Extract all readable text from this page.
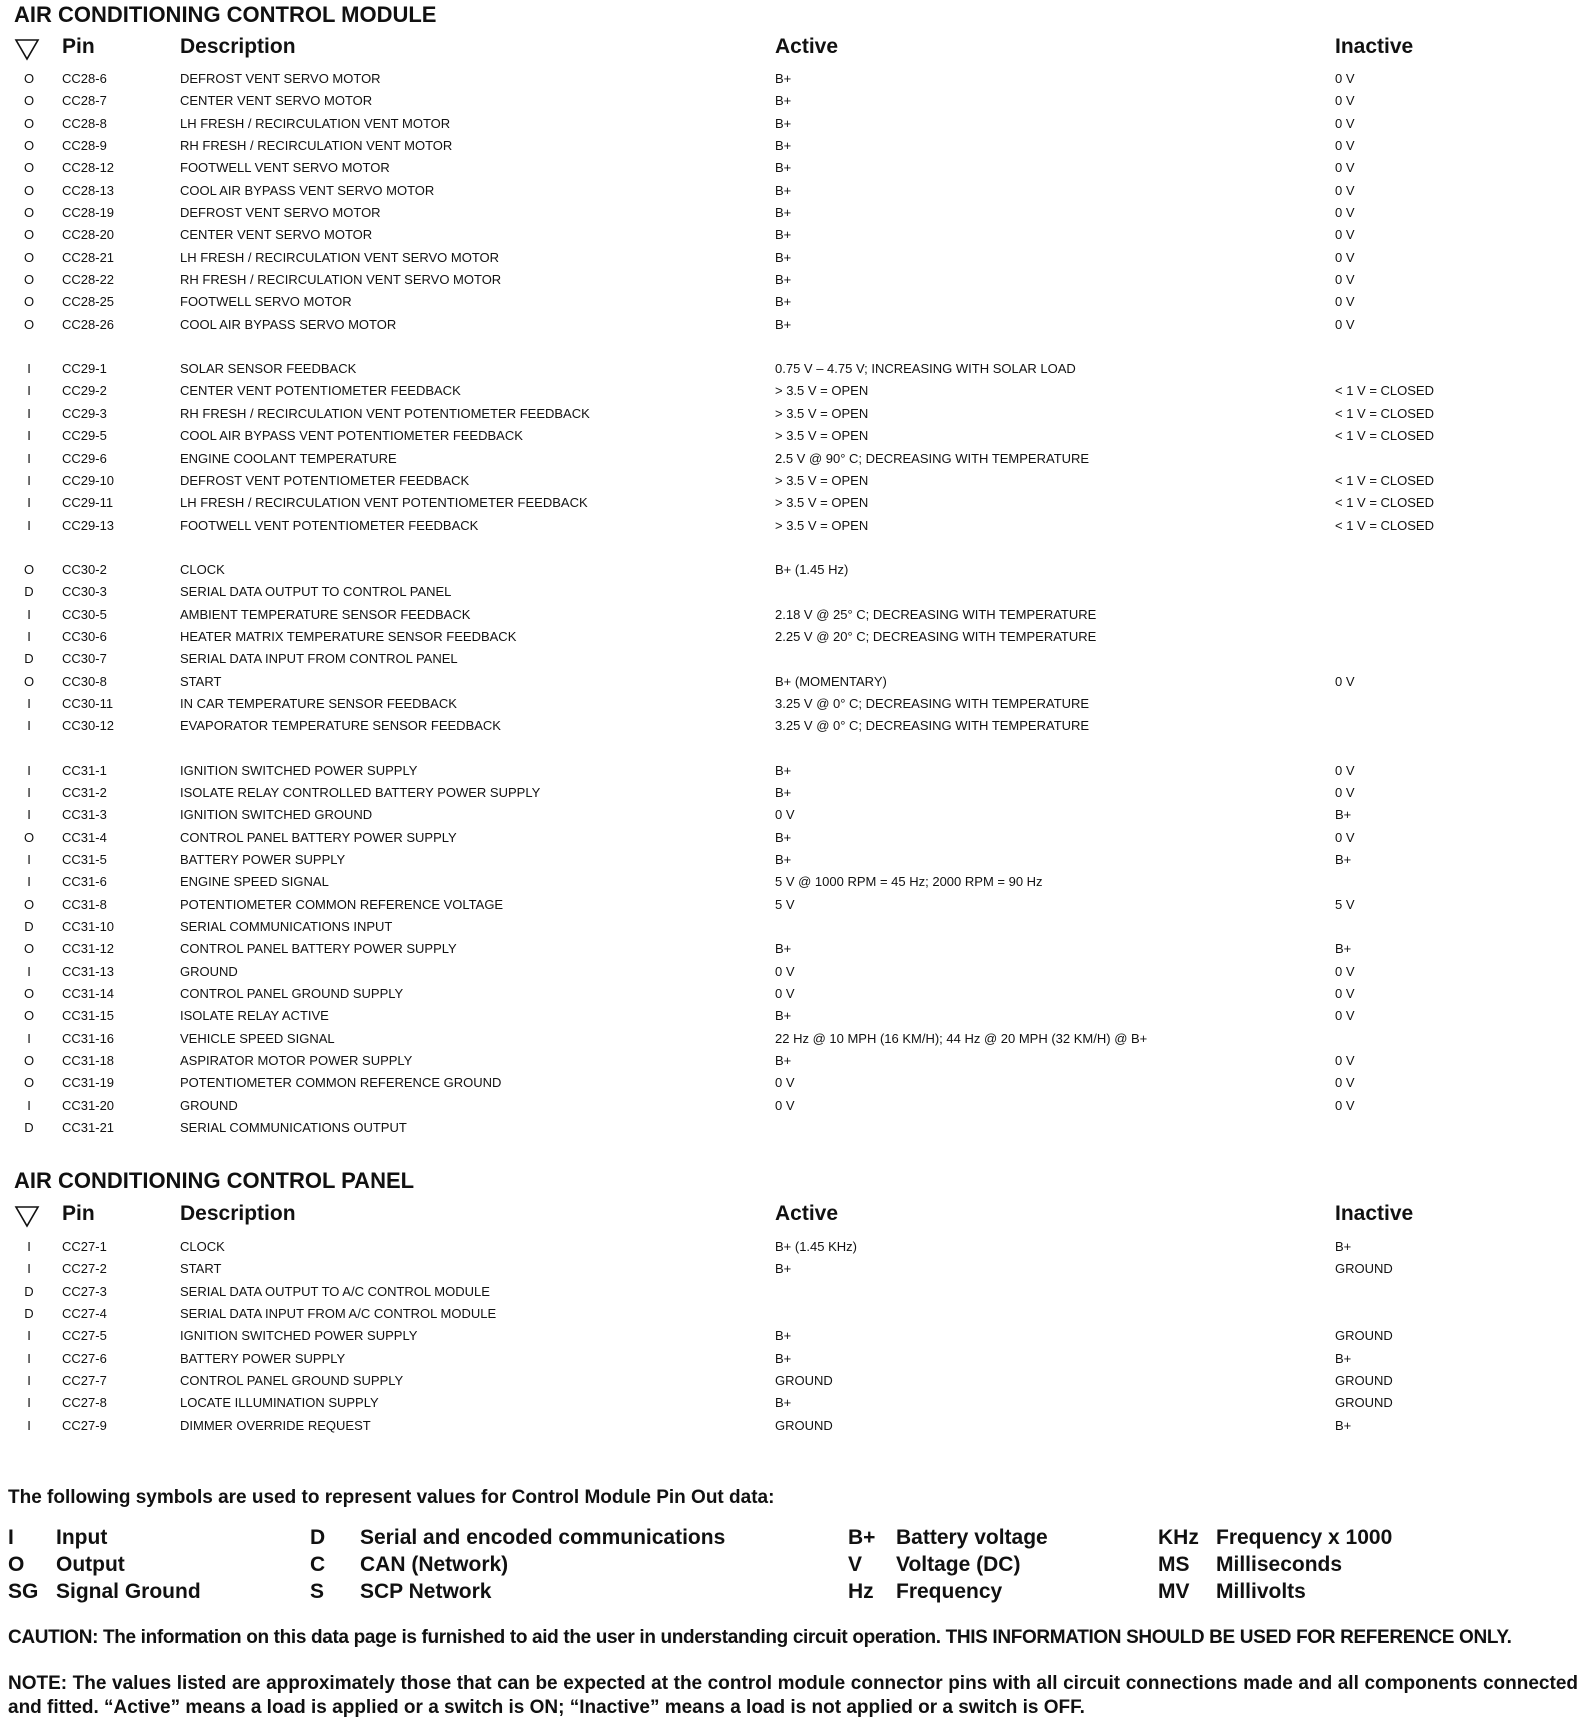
AIR CONDITIONING CONTROL MODULE
Pin	Description	Active	Inactive
O CC28-6	DEFROST VENT SERVO MOTOR	B+	0 V
O CC28-7	CENTER VENT SERVO MOTOR	B+	0 V
O CC28-8	LH FRESH / RECIRCULATION VENT MOTOR	B+	0 V
O CC28-9	RH FRESH / RECIRCULATION VENT MOTOR	B+	0 V
O CC28-12	FOOTWELL VENT SERVO MOTOR	B+	0 V
O CC28-13	COOL AIR BYPASS VENT SERVO MOTOR	B+	0 V
O CC28-19	DEFROST VENT SERVO MOTOR	B+	0 V
O CC28-20	CENTER VENT SERVO MOTOR	B+	0 V
O CC28-21	LH FRESH / RECIRCULATION VENT SERVO MOTOR	B+	0 V
O CC28-22	RH FRESH / RECIRCULATION VENT SERVO MOTOR	B+	0 V
O CC28-25	FOOTWELL SERVO MOTOR	B+	0 V
O CC28-26	COOL AIR BYPASS SERVO MOTOR	B+	0 V
I	CC29-1	SOLAR SENSOR FEEDBACK	0.75 V – 4.75 V; INCREASING WITH SOLAR LOAD
I	CC29-2	CENTER VENT POTENTIOMETER FEEDBACK	> 3.5 V = OPEN	< 1 V = CLOSED
I	CC29-3	RH FRESH / RECIRCULATION VENT POTENTIOMETER FEEDBACK	> 3.5 V = OPEN	< 1 V = CLOSED
I	CC29-5	COOL AIR BYPASS VENT POTENTIOMETER FEEDBACK	> 3.5 V = OPEN	< 1 V = CLOSED
I	CC29-6	ENGINE COOLANT TEMPERATURE	2.5 V @ 90° C; DECREASING WITH TEMPERATURE
I	CC29-10	DEFROST VENT POTENTIOMETER FEEDBACK	> 3.5 V = OPEN	< 1 V = CLOSED
I	CC29-11	LH FRESH / RECIRCULATION VENT POTENTIOMETER FEEDBACK	> 3.5 V = OPEN	< 1 V = CLOSED
I	CC29-13	FOOTWELL VENT POTENTIOMETER FEEDBACK	> 3.5 V = OPEN	< 1 V = CLOSED
O CC30-2	CLOCK	B+ (1.45 Hz)
D CC30-3	SERIAL DATA OUTPUT TO CONTROL PANEL
I	CC30-5	AMBIENT TEMPERATURE SENSOR FEEDBACK	2.18 V @ 25° C; DECREASING WITH TEMPERATURE
I	CC30-6	HEATER MATRIX TEMPERATURE SENSOR FEEDBACK	2.25 V @ 20° C; DECREASING WITH TEMPERATURE
D CC30-7	SERIAL DATA INPUT FROM CONTROL PANEL
O CC30-8	START	B+ (MOMENTARY)	0 V
I	CC30-11	IN CAR TEMPERATURE SENSOR FEEDBACK	3.25 V @ 0° C; DECREASING WITH TEMPERATURE
I	CC30-12	EVAPORATOR TEMPERATURE SENSOR FEEDBACK	3.25 V @ 0° C; DECREASING WITH TEMPERATURE
I	CC31-1	IGNITION SWITCHED POWER SUPPLY	B+	0 V
I	CC31-2	ISOLATE RELAY CONTROLLED BATTERY POWER SUPPLY	B+	0 V
I	CC31-3	IGNITION SWITCHED GROUND	0 V	B+
O CC31-4	CONTROL PANEL BATTERY POWER SUPPLY	B+	0 V
I	CC31-5	BATTERY POWER SUPPLY	B+	B+
I	CC31-6	ENGINE SPEED SIGNAL	5 V @ 1000 RPM = 45 Hz; 2000 RPM = 90 Hz
O CC31-8	POTENTIOMETER COMMON REFERENCE VOLTAGE	5 V	5 V
D CC31-10	SERIAL COMMUNICATIONS INPUT
O CC31-12	CONTROL PANEL BATTERY POWER SUPPLY	B+	B+
I	CC31-13	GROUND	0 V	0 V
O CC31-14	CONTROL PANEL GROUND SUPPLY	0 V	0 V
O CC31-15	ISOLATE RELAY ACTIVE	B+	0 V
I	CC31-16	VEHICLE SPEED SIGNAL	22 Hz @ 10 MPH (16 KM/H); 44 Hz @ 20 MPH (32 KM/H) @ B+
O CC31-18	ASPIRATOR MOTOR POWER SUPPLY	B+	0 V
O CC31-19	POTENTIOMETER COMMON REFERENCE GROUND	0 V	0 V
I	CC31-20	GROUND	0 V	0 V
D CC31-21	SERIAL COMMUNICATIONS OUTPUT
AIR CONDITIONING CONTROL PANEL
Pin	Description	Active	Inactive
I	CC27-1	CLOCK	B+ (1.45 KHz)	B+
I	CC27-2	START	B+	GROUND
D CC27-3	SERIAL DATA OUTPUT TO A/C CONTROL MODULE
D CC27-4	SERIAL DATA INPUT FROM A/C CONTROL MODULE
I	CC27-5	IGNITION SWITCHED POWER SUPPLY	B+	GROUND
I	CC27-6	BATTERY POWER SUPPLY	B+	B+
I	CC27-7	CONTROL PANEL GROUND SUPPLY	GROUND	GROUND
I	CC27-8	LOCATE ILLUMINATION SUPPLY	B+	GROUND
I	CC27-9	DIMMER OVERRIDE REQUEST	GROUND	B+
The following symbols are used to represent values for Control Module Pin Out data:
I Input
O Output
SG Signal Ground
D Serial and encoded communications
C CAN (Network)
S SCP Network
B+ Battery voltage
V Voltage (DC)
Hz Frequency
KHz Frequency x 1000
MS Milliseconds
MV Millivolts
CAUTION: The information on this data page is furnished to aid the user in understanding circuit operation. THIS INFORMATION SHOULD BE USED FOR REFERENCE ONLY.
NOTE: The values listed are approximately those that can be expected at the control module connector pins with all circuit connections made and all components connected and fitted. “Active” means a load is applied or a switch is ON; “Inactive” means a load is not applied or a switch is OFF.
